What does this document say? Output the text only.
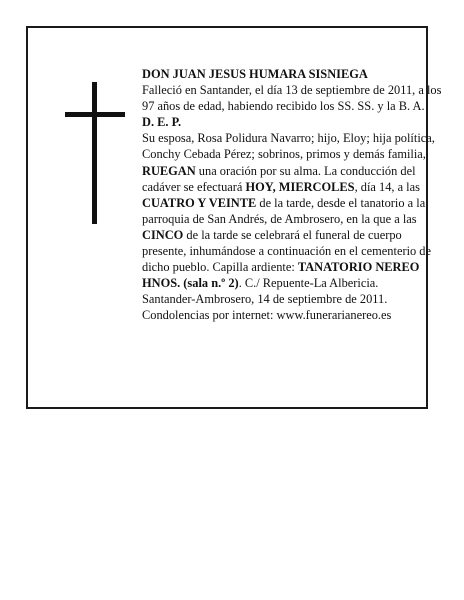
DON JUAN JESUS HUMARA SISNIEGA

Falleció en Santander, el día 13 de septiembre de 2011, a los 97 años de edad, habiendo recibido los SS. SS. y la B. A.

D. E. P.

Su esposa, Rosa Polidura Navarro; hijo, Eloy; hija política, Conchy Cebada Pérez; sobrinos, primos y demás familia,

RUEGAN una oración por su alma. La conducción del cadáver se efectuará HOY, MIERCOLES, día 14, a las CUATRO Y VEINTE de la tarde, desde el tanatorio a la parroquia de San Andrés, de Ambrosero, en la que a las CINCO de la tarde se celebrará el funeral de cuerpo presente, inhumándose a continuación en el cementerio de dicho pueblo. Capilla ardiente: TANATORIO NEREO HNOS. (sala n.º 2). C./ Repuente-La Albericia.

Santander-Ambrosero, 14 de septiembre de 2011.

Condolencias por internet: www.funerarianereo.es
